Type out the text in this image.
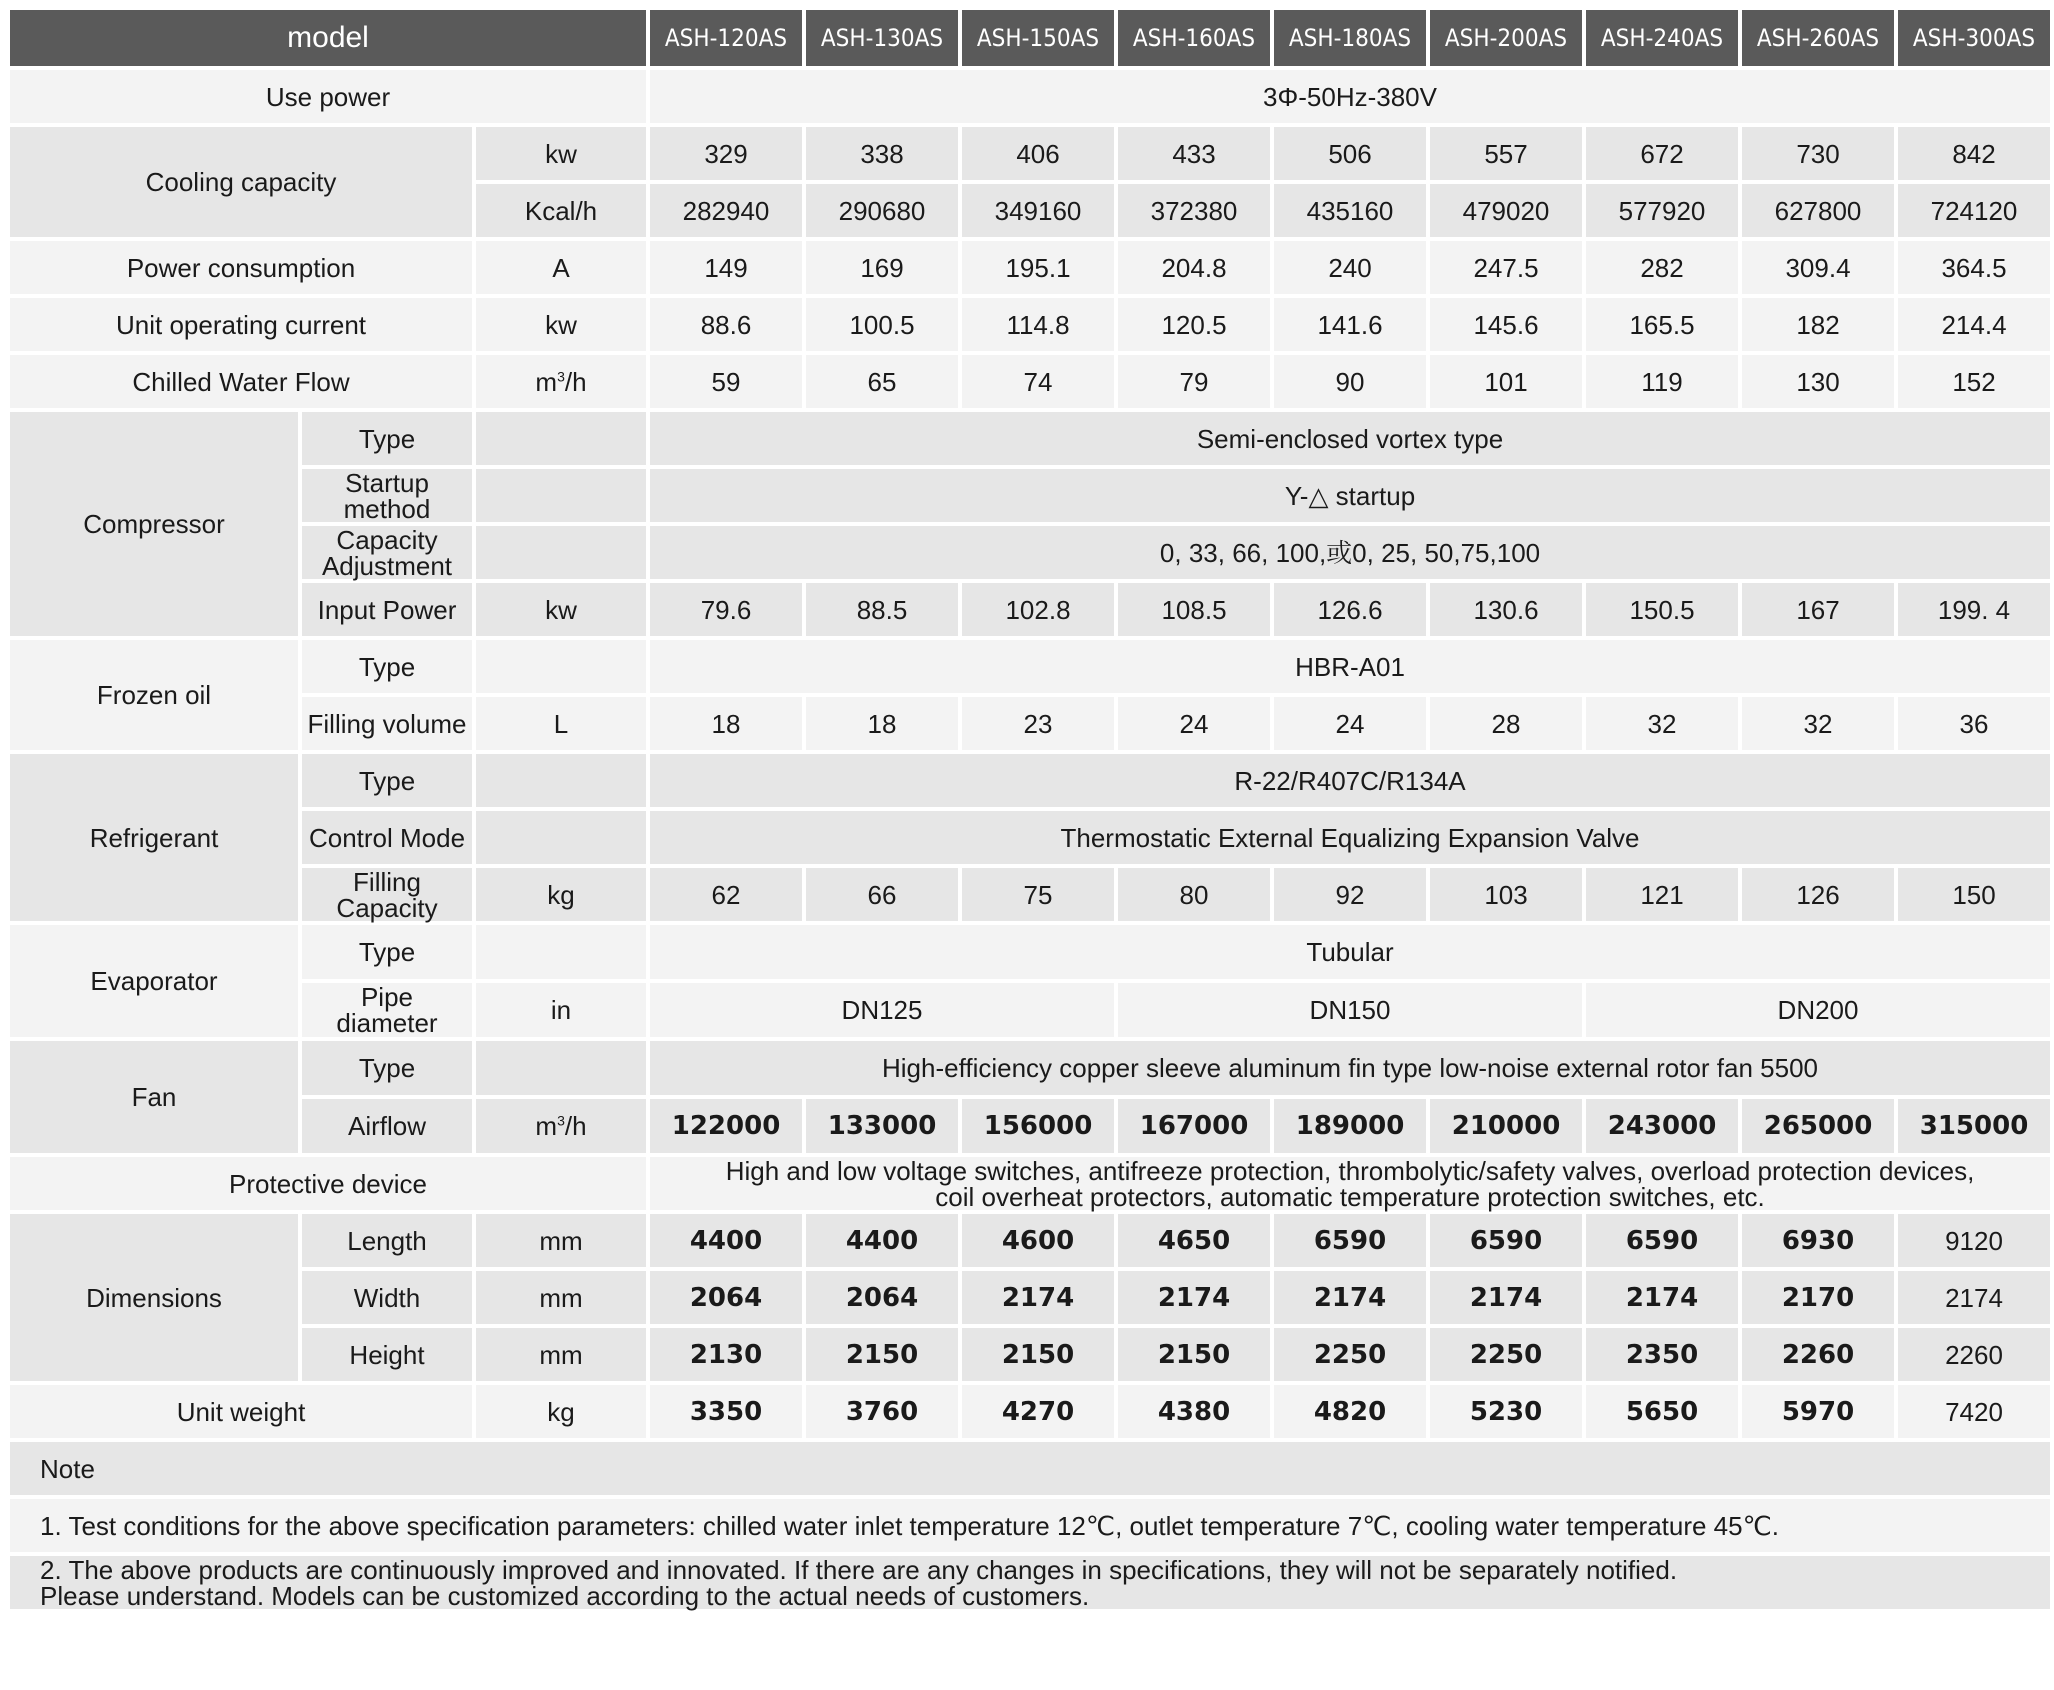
model			ASH-120AS	ASH-130AS	ASH-150AS	ASH-160AS	ASH-180AS	ASH-200AS	ASH-240AS	ASH-260AS	ASH-300AS
Use power			3Φ-50Hz-380V								
Cooling capacity		kw	329	338	406	433	506	557	672	730	842
		Kcal/h	282940	290680	349160	372380	435160	479020	577920	627800	724120
Power consumption		A	149	169	195.1	204.8	240	247.5	282	309.4	364.5
Unit operating current		kw	88.6	100.5	114.8	120.5	141.6	145.6	165.5	182	214.4
Chilled Water Flow		$m^3/h$	59	65	74	79	90	101	119	130	152
Compressor	Type		Semi-enclosed vortex type								
	Startup method		Y-△ startup								
	Capacity
Adjustment		0, 33, 66, 100,或0, 25, 50,75,100								
	Input Power	kw	79.6	88.5	102.8	108.5	126.6	130.6	150.5	167	199. 4
Frozen oil	Type		HBR-A01								
	Filling volume	L	18	18	23	24	24	28	32	32	36
Refrigerant	Type		R-22/R407C/R134A								
	Control Mode		Thermostatic External Equalizing Expansion Valve								
	Filling
Capacity	kg	62	66	75	80	92	103	121	126	150
Evaporator	Type		Tubular								
	Pipe
diameter	in	DN125			DN150			DN200		
Fan	Type		High-efficiency copper sleeve aluminum fin type low-noise external rotor fan 5500								
	Airflow	$m^3/h$	122000	133000	156000	167000	189000	210000	243000	265000	315000
Protective device			High and low voltage switches, antifreeze protection, thrombolytic/safety valves, overload protection devices,
coil overheat protectors, automatic temperature protection switches, etc.								
Dimensions	Length	mm	4400	4400	4600	4650	6590	6590	6590	6930	9120
	Width	mm	2064	2064	2174	2174	2174	2174	2174	2170	2174
	Height	mm	2130	2150	2150	2150	2250	2250	2350	2260	2260
Unit weight		kg	3350	3760	4270	4380	4820	5230	5650	5970	7420
Note											
1. Test conditions for the above specification parameters: chilled water inlet temperature 12℃, outlet temperature 7℃, cooling water temperature 45℃.											
2. The above products are continuously improved and innovated. If there are any changes in specifications, they will not be separately notified.
Please understand. Models can be customized according to the actual needs of customers.											
